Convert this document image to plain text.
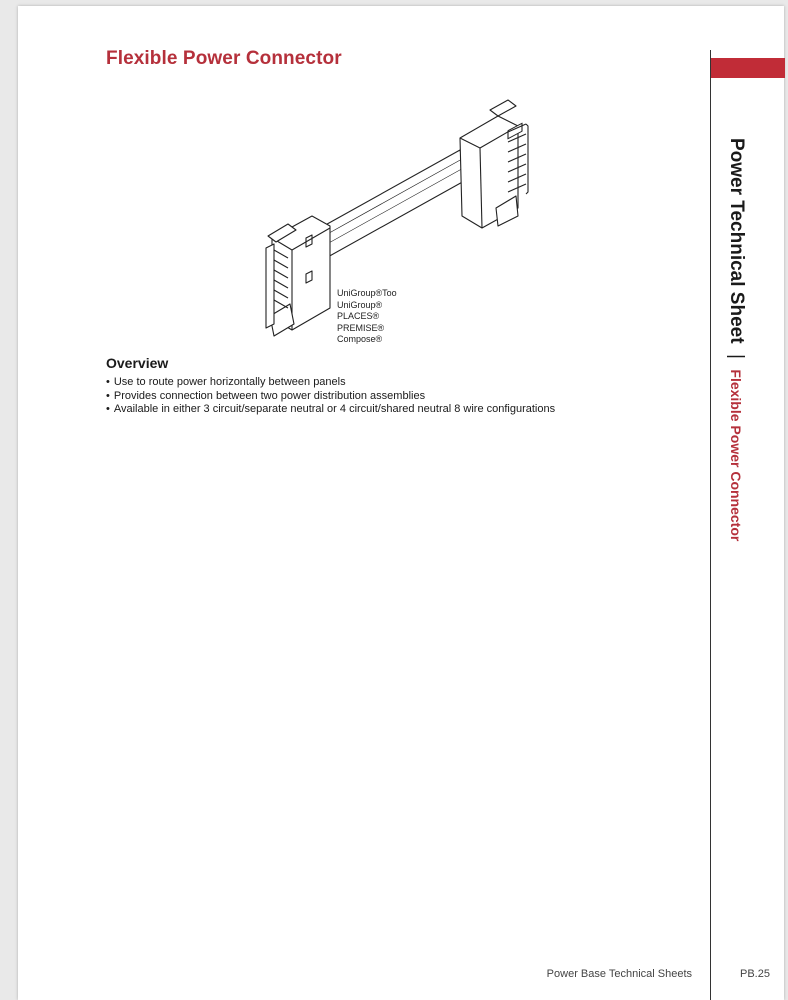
Flexible Power Connector
UniGroup®Too
UniGroup®
PLACES®
PREMISE®
Compose®
Overview
• Use to route power horizontally between panels
• Provides connection between two power distribution assemblies
• Available in either 3 circuit/separate neutral or 4 circuit/shared neutral 8 wire configurations
Power Technical Sheet | Flexible Power Connector
Power Base Technical Sheets	PB.25
